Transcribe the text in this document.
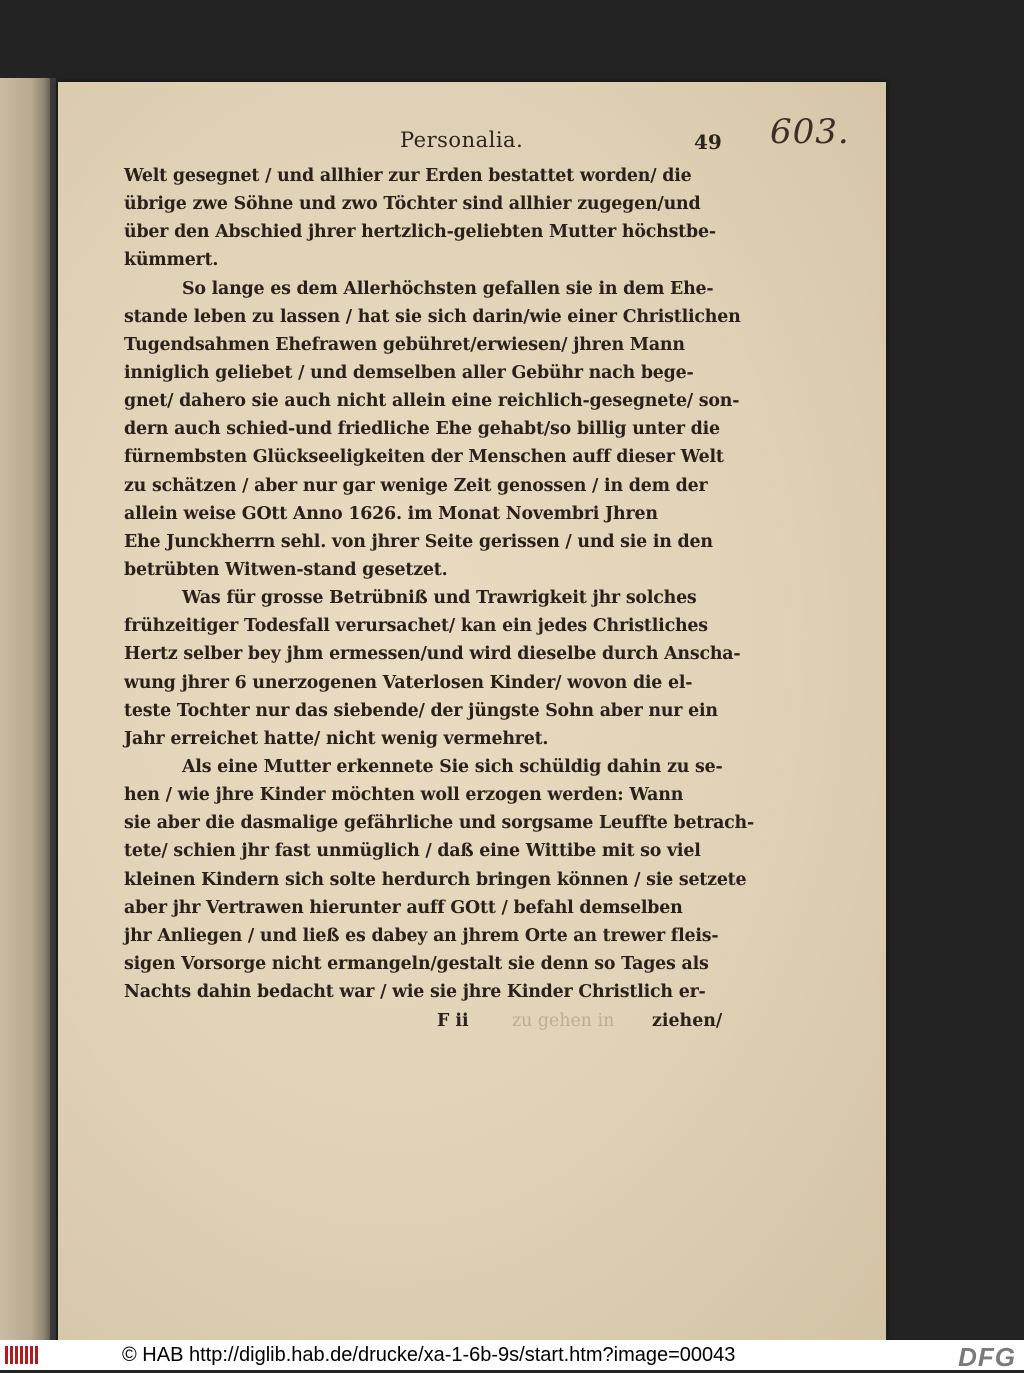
603.
Personalia.	49
Welt gesegnet / und allhier zur Erden bestattet worden/ die
übrige zwe Söhne und zwo Töchter sind allhier zugegen/und
über den Abschied jhrer hertzlich-geliebten Mutter höchstbe-
kümmert.
So lange es dem Allerhöchsten gefallen sie in dem Ehe-
stande leben zu lassen / hat sie sich darin/wie einer Christlichen
Tugendsahmen Ehefrawen gebühret/erwiesen/ jhren Mann
inniglich geliebet / und demselben aller Gebühr nach bege-
gnet/ dahero sie auch nicht allein eine reichlich-gesegnete/ son-
dern auch schied-und friedliche Ehe gehabt/so billig unter die
fürnembsten Glückseeligkeiten der Menschen auff dieser Welt
zu schätzen / aber nur gar wenige Zeit genossen / in dem der
allein weise GOtt Anno 1626. im Monat Novembri Jhren
Ehe Junckherrn sehl. von jhrer Seite gerissen / und sie in den
betrübten Witwen-stand gesetzet.
Was für grosse Betrübniß und Trawrigkeit jhr solches
frühzeitiger Todesfall verursachet/ kan ein jedes Christliches
Hertz selber bey jhm ermessen/und wird dieselbe durch Anscha-
wung jhrer 6 unerzogenen Vaterlosen Kinder/ wovon die el-
teste Tochter nur das siebende/ der jüngste Sohn aber nur ein
Jahr erreichet hatte/ nicht wenig vermehret.
Als eine Mutter erkennete Sie sich schüldig dahin zu se-
hen / wie jhre Kinder möchten woll erzogen werden: Wann
sie aber die dasmalige gefährliche und sorgsame Leuffte betrach-
tete/ schien jhr fast unmüglich / daß eine Wittibe mit so viel
kleinen Kindern sich solte herdurch bringen können / sie setzete
aber jhr Vertrawen hierunter auff GOtt / befahl demselben
jhr Anliegen / und ließ es dabey an jhrem Orte an trewer fleis-
sigen Vorsorge nicht ermangeln/gestalt sie denn so Tages als
Nachts dahin bedacht war / wie sie jhre Kinder Christlich er-
F ii zu gehen in ziehen/
© HAB http://diglib.hab.de/drucke/xa-1-6b-9s/start.htm?image=00043	DFG
